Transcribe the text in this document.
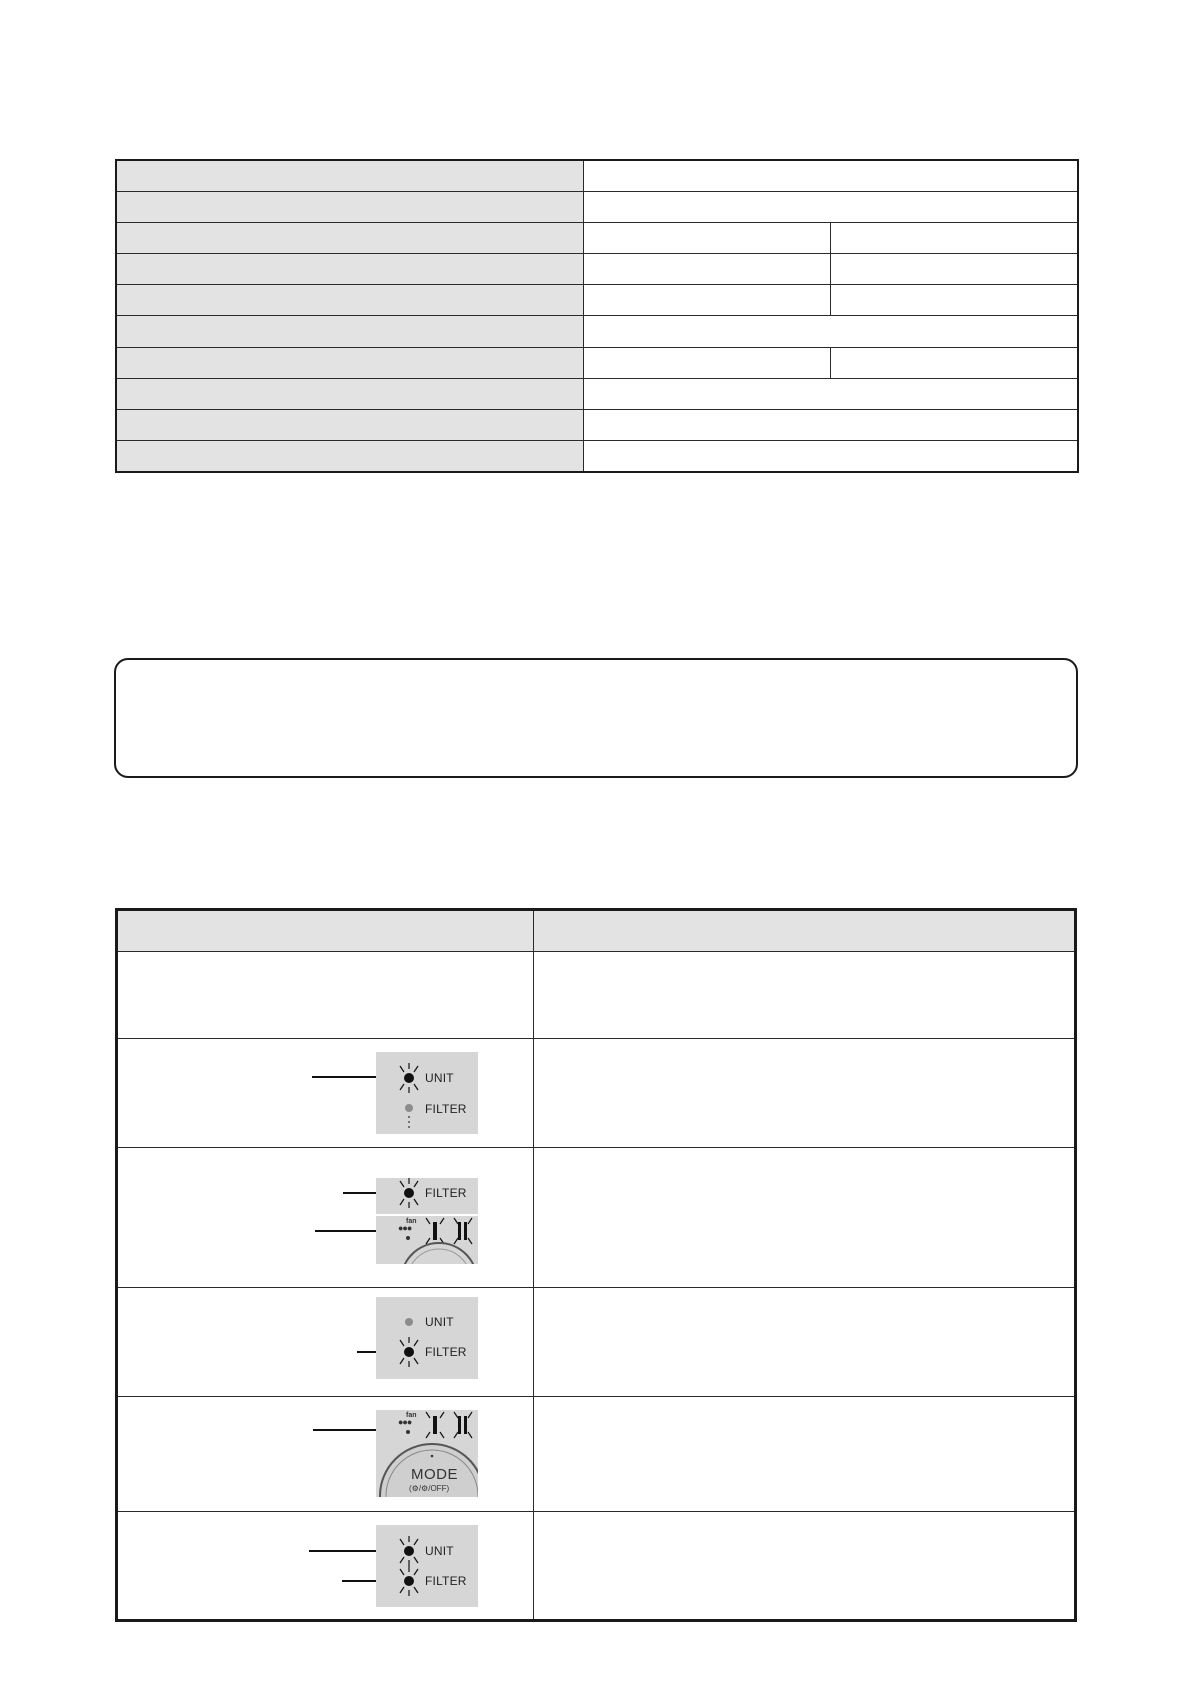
UNIT
FILTER	

FILTER
fan
●●●	

UNIT
FILTER	

fan
●●●
MODE
(⚙/⚙/OFF)	

UNIT
FILTER	
